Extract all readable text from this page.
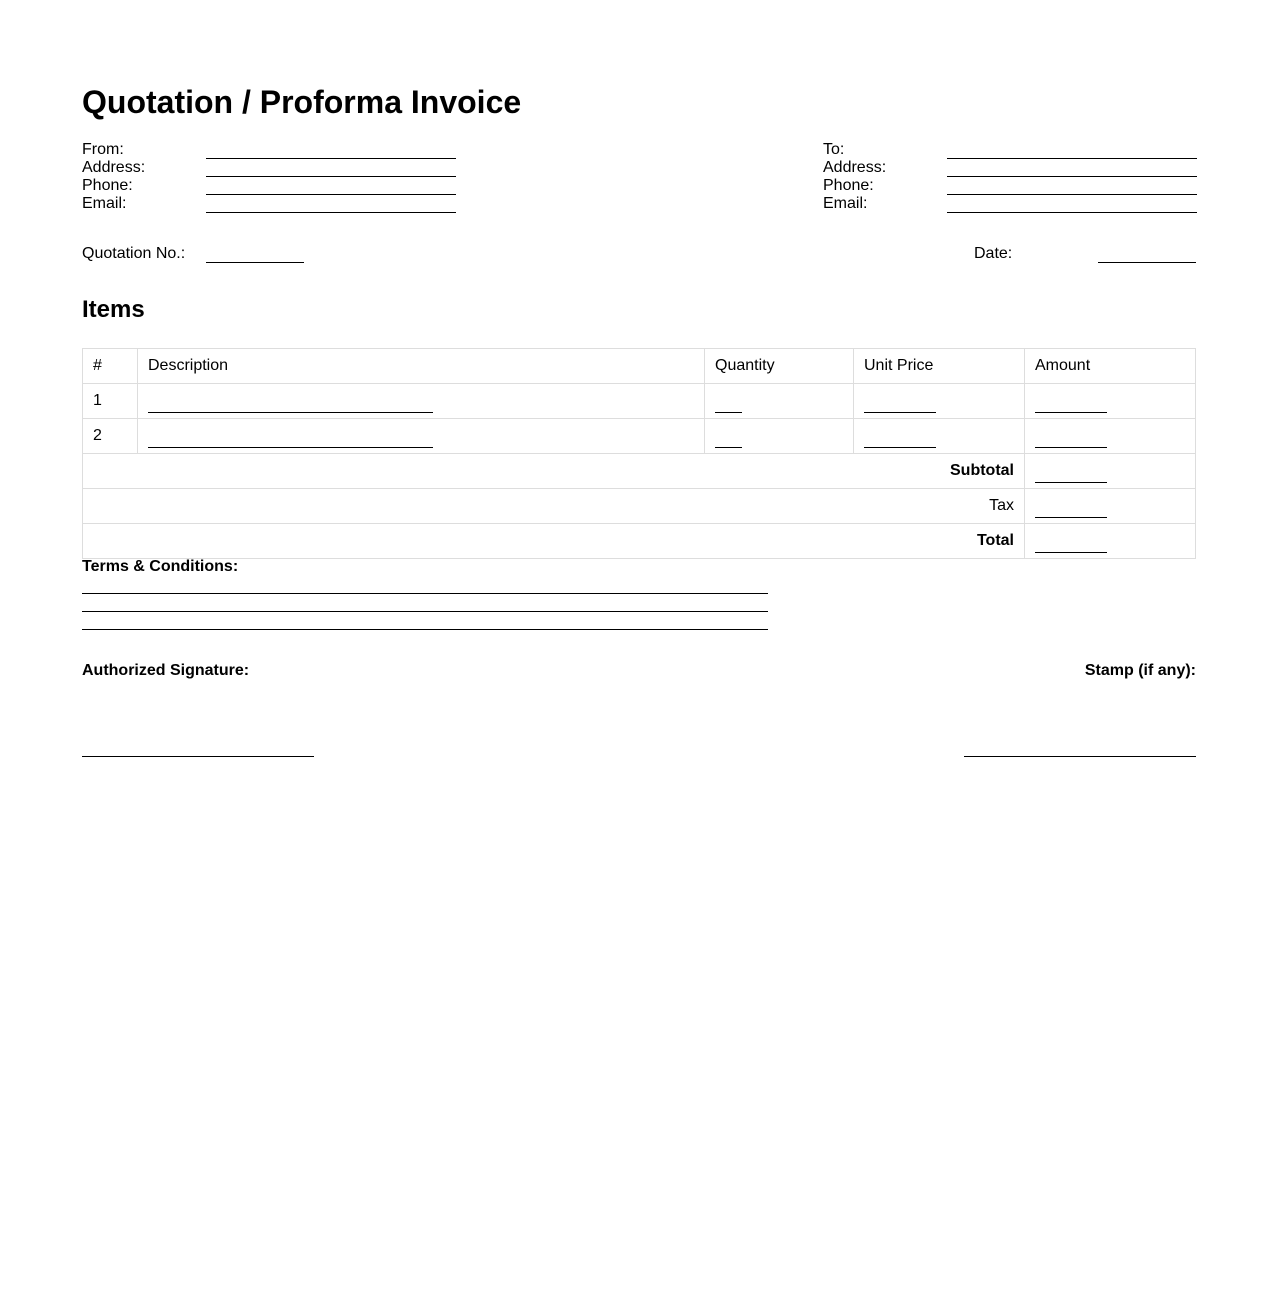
Quotation / Proforma Invoice
From:
Address:
Phone:
Email:
To:
Address:
Phone:
Email:
Quotation No.:	Date:
Items
#	Description	Quantity	Unit Price	Amount
1				
2				
Subtotal				
Tax				
Total				
Terms & Conditions:
Authorized Signature:	Stamp (if any):
